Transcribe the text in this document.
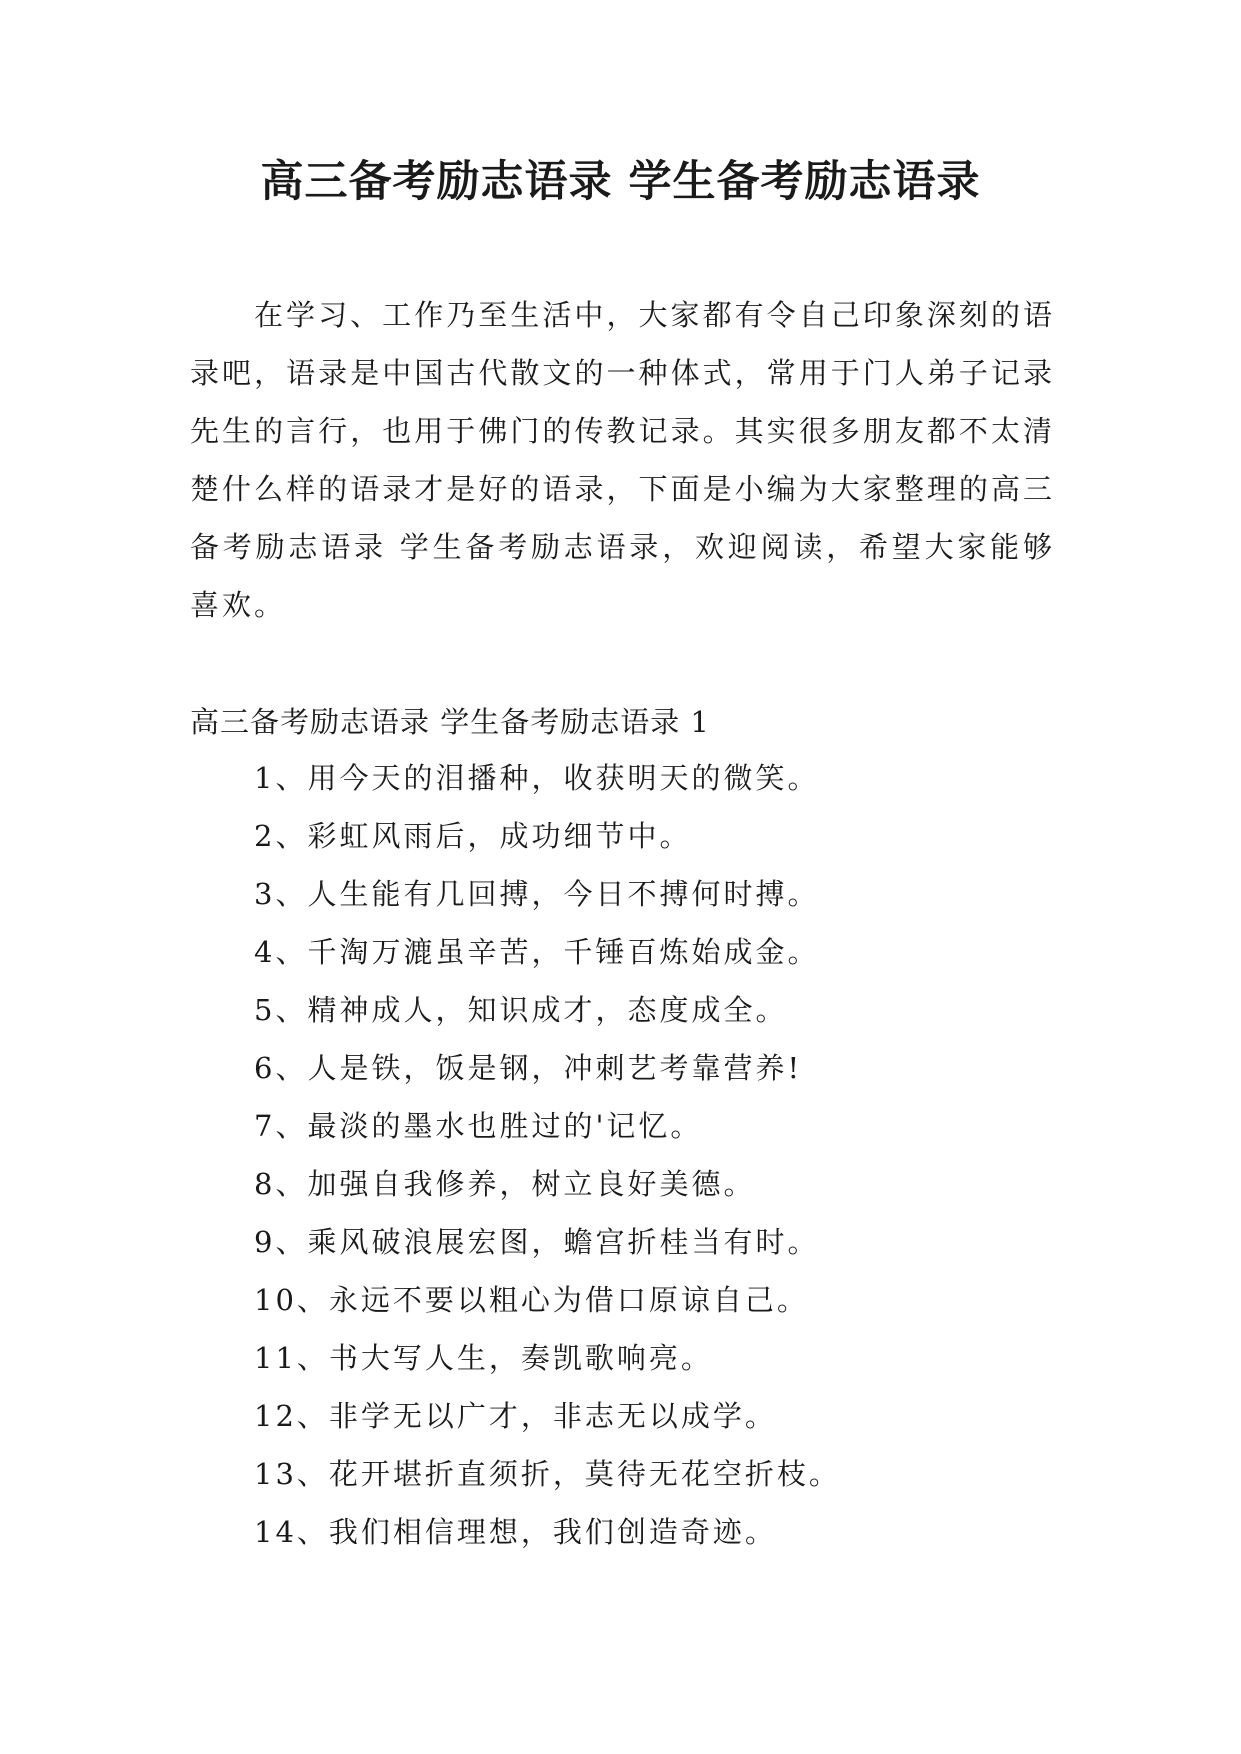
高三备考励志语录 学生备考励志语录

在学习、工作乃至生活中，大家都有令自己印象深刻的语录吧，语录是中国古代散文的一种体式，常用于门人弟子记录先生的言行，也用于佛门的传教记录。其实很多朋友都不太清楚什么样的语录才是好的语录，下面是小编为大家整理的高三备考励志语录 学生备考励志语录，欢迎阅读，希望大家能够喜欢。

高三备考励志语录 学生备考励志语录 1
1、用今天的泪播种，收获明天的微笑。
2、彩虹风雨后，成功细节中。
3、人生能有几回搏，今日不搏何时搏。
4、千淘万漉虽辛苦，千锤百炼始成金。
5、精神成人，知识成才，态度成全。
6、人是铁，饭是钢，冲刺艺考靠营养!
7、最淡的墨水也胜过的'记忆。
8、加强自我修养，树立良好美德。
9、乘风破浪展宏图，蟾宫折桂当有时。
10、永远不要以粗心为借口原谅自己。
11、书大写人生，奏凯歌响亮。
12、非学无以广才，非志无以成学。
13、花开堪折直须折，莫待无花空折枝。
14、我们相信理想，我们创造奇迹。
